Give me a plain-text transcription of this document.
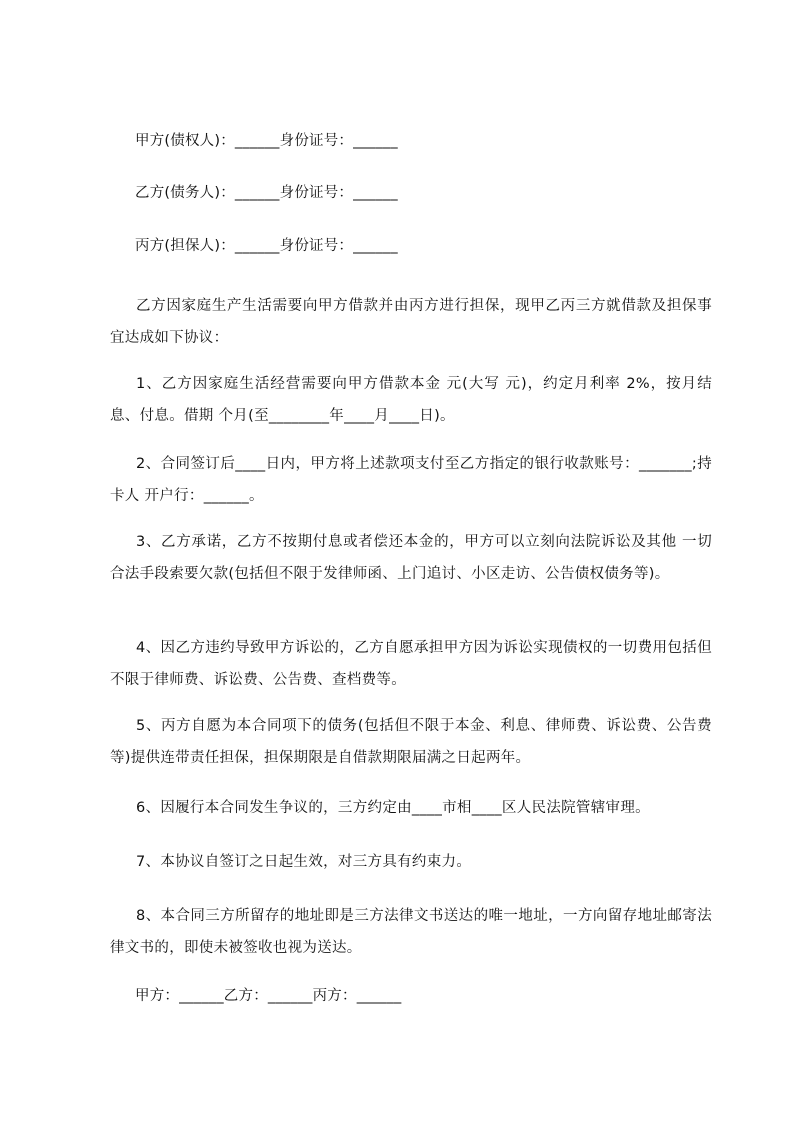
甲方(债权人)：______身份证号：______
乙方(债务人)：______身份证号：______
丙方(担保人)：______身份证号：______
乙方因家庭生产生活需要向甲方借款并由丙方进行担保，现甲乙丙三方就借款及担保事宜达成如下协议：
1、乙方因家庭生活经营需要向甲方借款本金 元(大写 元)，约定月利率 2%，按月结息、付息。借期 个月(至________年____月____日)。
2、合同签订后____日内，甲方将上述款项支付至乙方指定的银行收款账号：_______;持卡人 开户行：______。
3、乙方承诺，乙方不按期付息或者偿还本金的，甲方可以立刻向法院诉讼及其他 一切合法手段索要欠款(包括但不限于发律师函、上门追讨、小区走访、公告债权债务等)。
4、因乙方违约导致甲方诉讼的，乙方自愿承担甲方因为诉讼实现债权的一切费用包括但不限于律师费、诉讼费、公告费、查档费等。
5、丙方自愿为本合同项下的债务(包括但不限于本金、利息、律师费、诉讼费、公告费等)提供连带责任担保，担保期限是自借款期限届满之日起两年。
6、因履行本合同发生争议的，三方约定由____市相____区人民法院管辖审理。
7、本协议自签订之日起生效，对三方具有约束力。
8、本合同三方所留存的地址即是三方法律文书送达的唯一地址，一方向留存地址邮寄法律文书的，即使未被签收也视为送达。
甲方：______乙方：______丙方：______
